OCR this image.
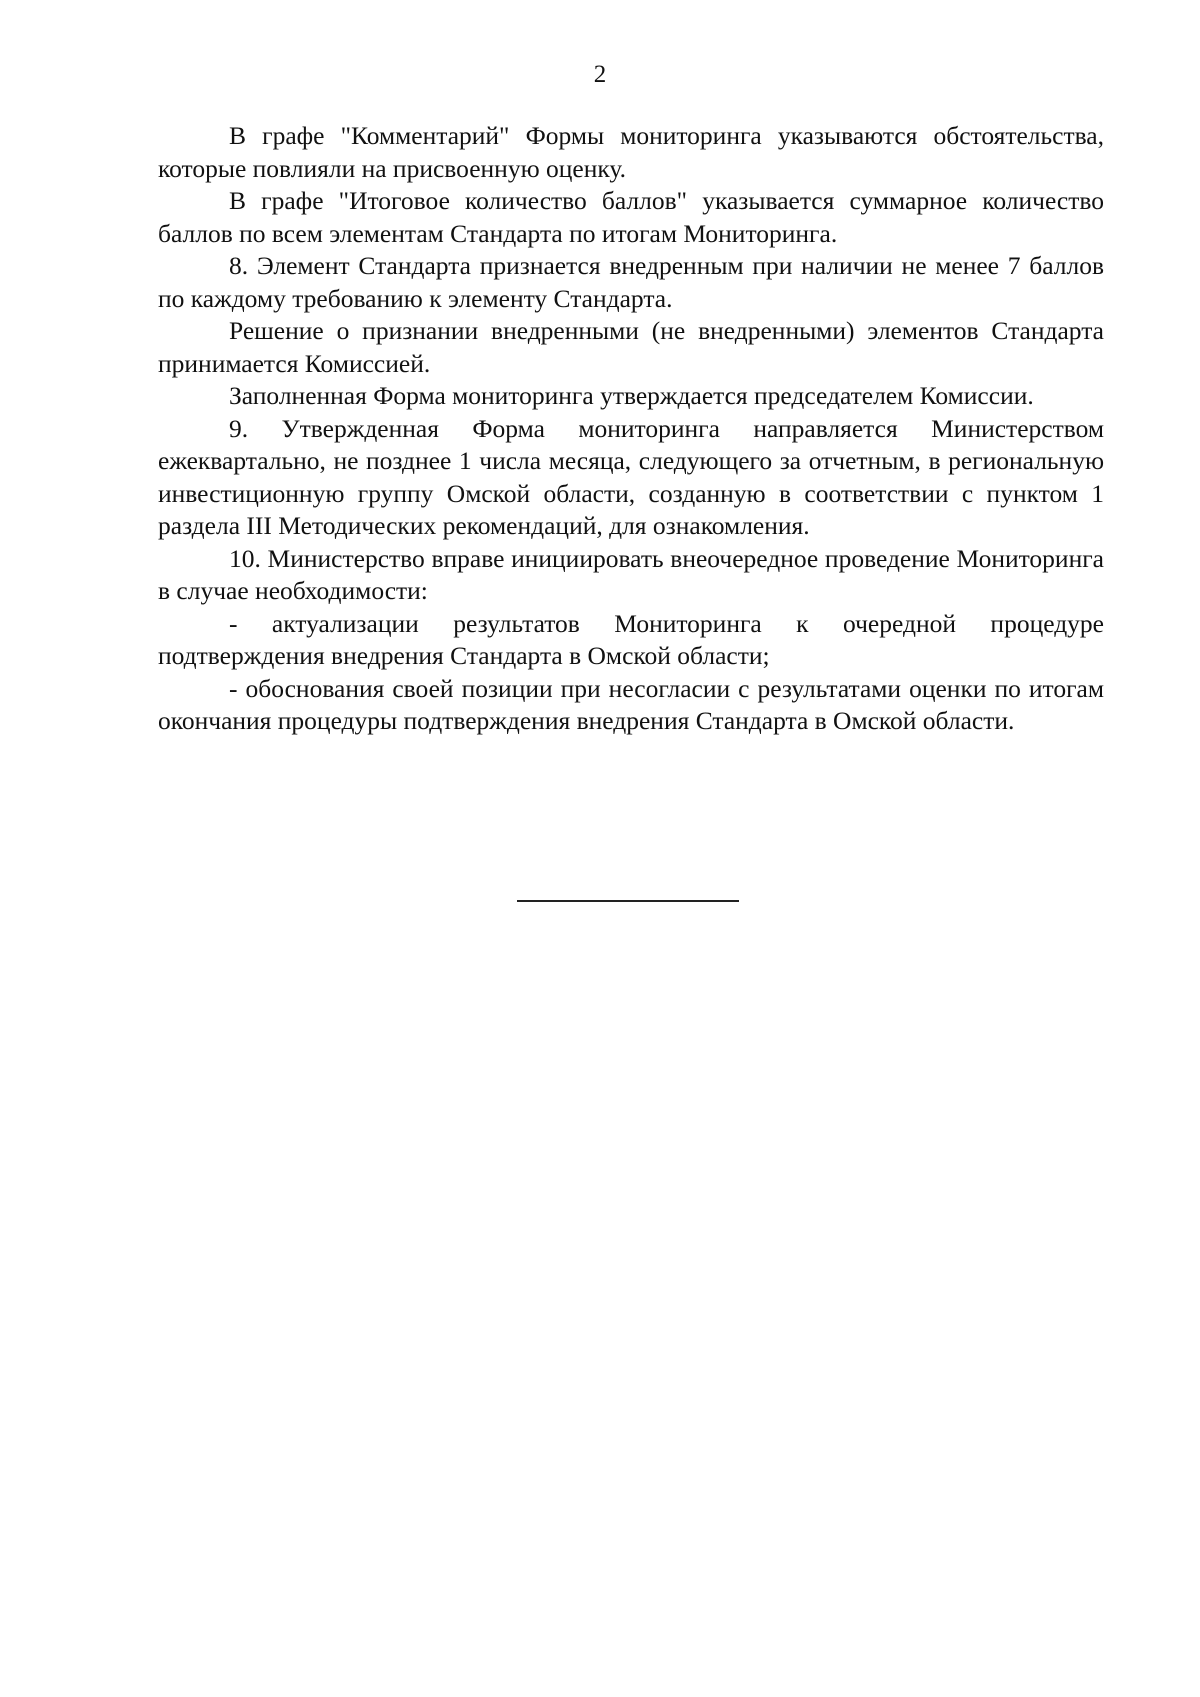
2

В графе "Комментарий" Формы мониторинга указываются обстоятельства, которые повлияли на присвоенную оценку.

В графе "Итоговое количество баллов" указывается суммарное количество баллов по всем элементам Стандарта по итогам Мониторинга.

8. Элемент Стандарта признается внедренным при наличии не менее 7 баллов по каждому требованию к элементу Стандарта.

Решение о признании внедренными (не внедренными) элементов Стандарта принимается Комиссией.

Заполненная Форма мониторинга утверждается председателем Комиссии.

9. Утвержденная Форма мониторинга направляется Министерством ежеквартально, не позднее 1 числа месяца, следующего за отчетным, в региональную инвестиционную группу Омской области, созданную в соответствии с пунктом 1 раздела III Методических рекомендаций, для ознакомления.

10. Министерство вправе инициировать внеочередное проведение Мониторинга в случае необходимости:

- актуализации результатов Мониторинга к очередной процедуре подтверждения внедрения Стандарта в Омской области;

- обоснования своей позиции при несогласии с результатами оценки по итогам окончания процедуры подтверждения внедрения Стандарта в Омской области.
